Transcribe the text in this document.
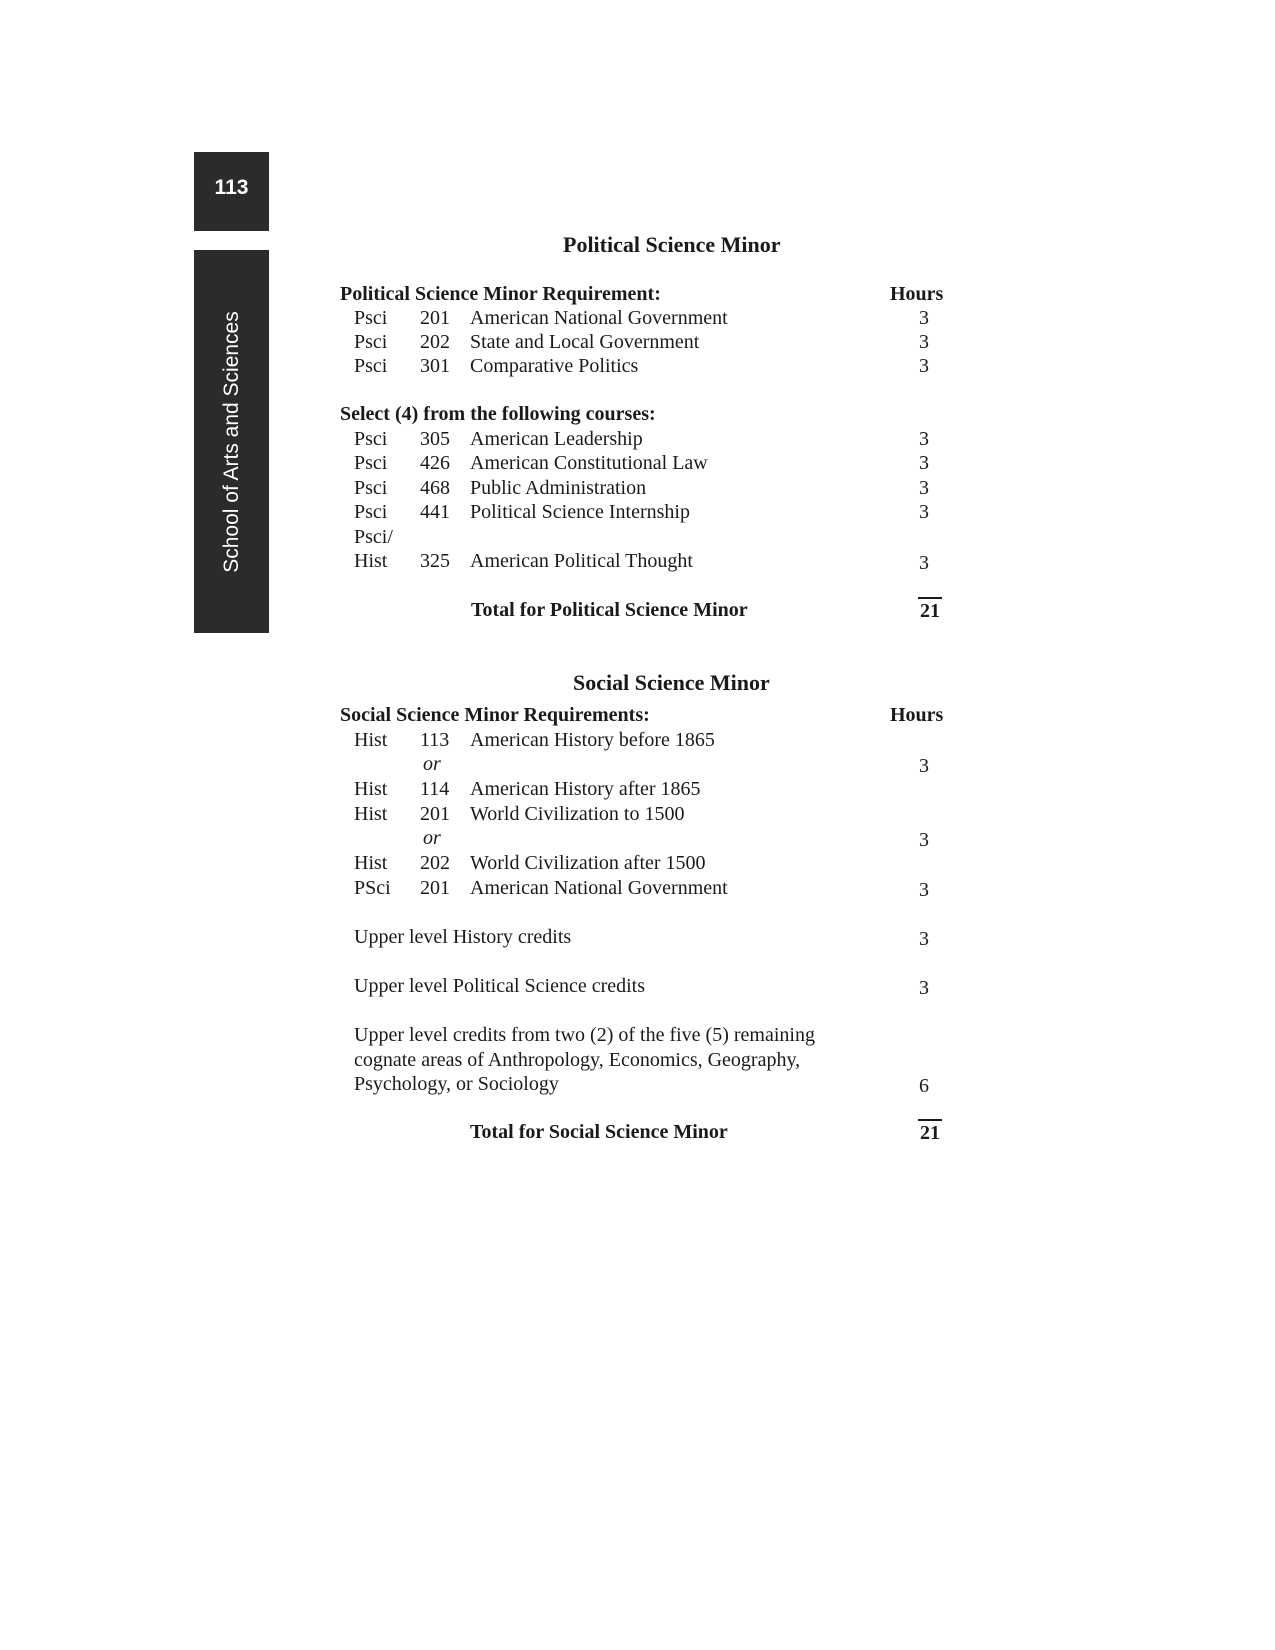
113
School of Arts and Sciences
Political Science Minor
Political Science Minor Requirement:	Hours
Psci 201 American National Government	3
Psci 202 State and Local Government	3
Psci 301 Comparative Politics	3
Select (4) from the following courses:
Psci 305 American Leadership	3
Psci 426 American Constitutional Law	3
Psci 468 Public Administration	3
Psci 441 Political Science Internship	3
Psci/
Hist 325 American Political Thought	3
Total for Political Science Minor	21
Social Science Minor
Social Science Minor Requirements:	Hours
Hist 113 American History before 1865
or	3
Hist 114 American History after 1865
Hist 201 World Civilization to 1500
or	3
Hist 202 World Civilization after 1500
PSci 201 American National Government	3
Upper level History credits	3
Upper level Political Science credits	3
Upper level credits from two (2) of the five (5) remaining
cognate areas of Anthropology, Economics, Geography,
Psychology, or Sociology	6
Total for Social Science Minor	21
